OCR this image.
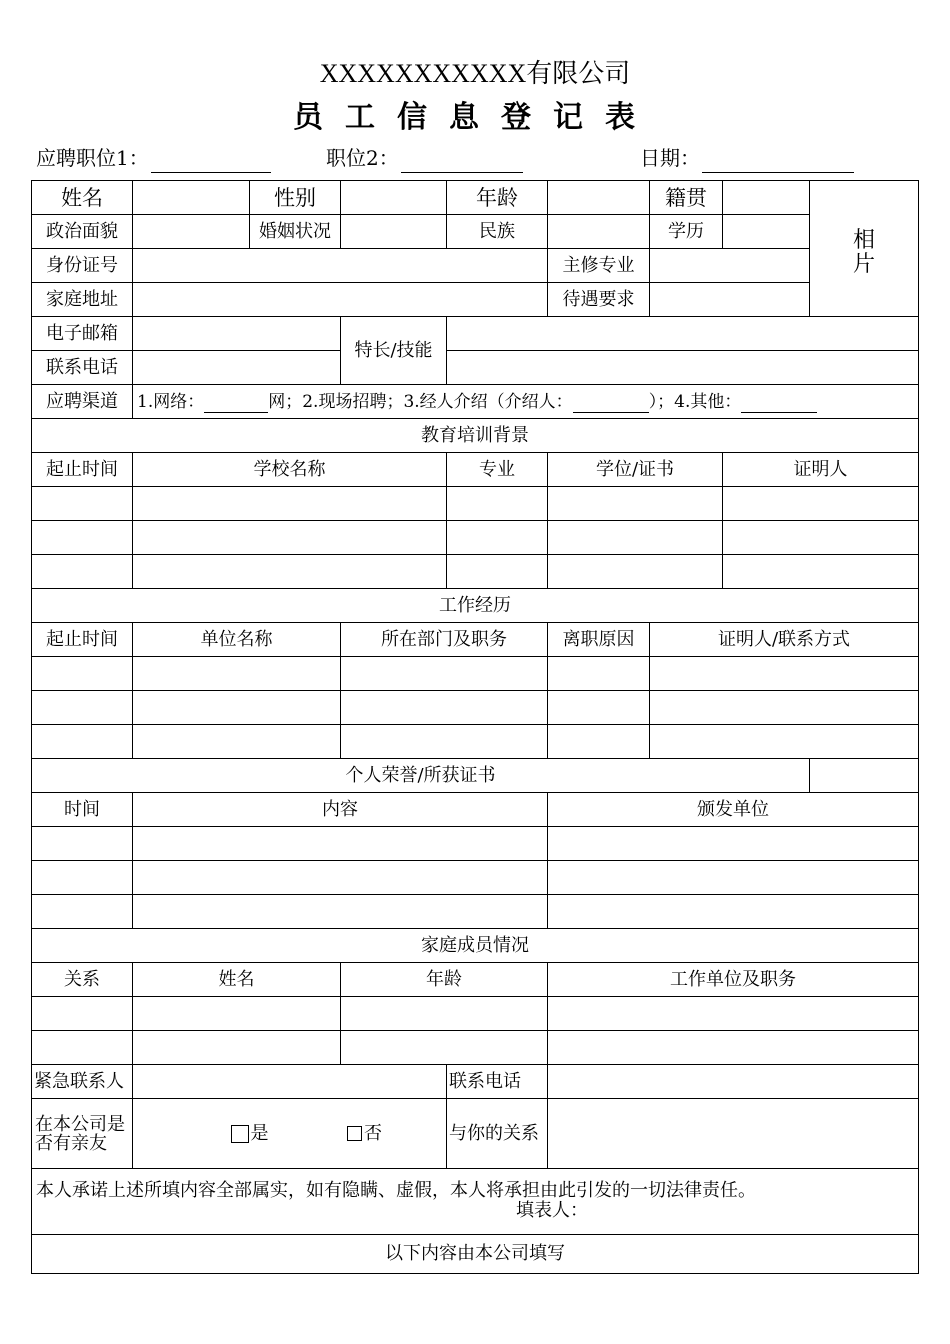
XXXXXXXXXXX有限公司
员工信息登记表
应聘职位1：	职位2：	日期：
姓名		性别		年龄		籍贯		相片
政治面貌		婚姻状况		民族		学历		
身份证号					主修专业			
家庭地址					待遇要求			
电子邮箱			特长/技能					
联系电话								
应聘渠道	1.网络： 网；2.现场招聘；3.经人介绍（介绍人： ）；4.其他：							
教育培训背景								
起止时间	学校名称			专业	学位/证书		证明人	

工作经历								
起止时间	单位名称		所在部门及职务		离职原因	证明人/联系方式		

个人荣誉/所获证书								
时间	内容				颁发单位			

家庭成员情况								
关系	姓名		年龄		工作单位及职务			

紧急联系人				联系电话				
在本公司是否有亲友	是 否			与你的关系				

本人承诺上述所填内容全部属实，如有隐瞒、虚假，本人将承担由此引发的一切法律责任。
填表人：								

以下内容由本公司填写								
